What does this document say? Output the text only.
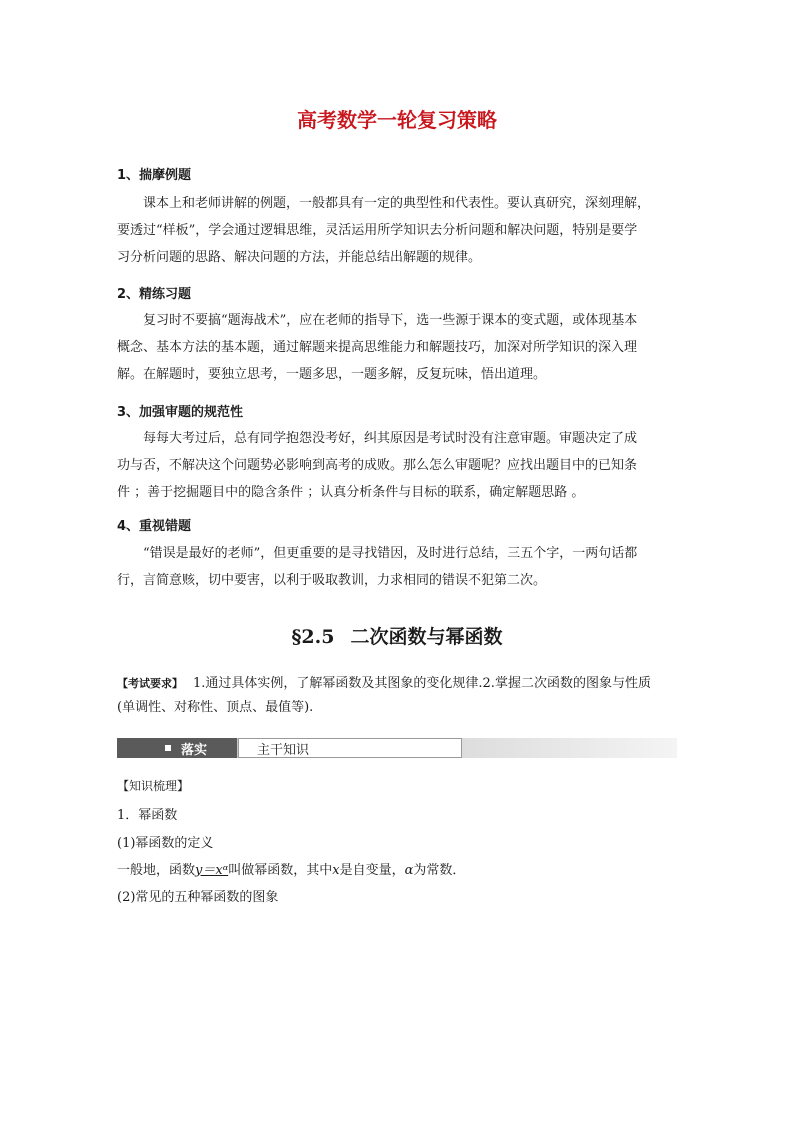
高考数学一轮复习策略
1、揣摩例题
课本上和老师讲解的例题，一般都具有一定的典型性和代表性。要认真研究，深刻理解，
要透过“样板”，学会通过逻辑思维，灵活运用所学知识去分析问题和解决问题，特别是要学
习分析问题的思路、解决问题的方法，并能总结出解题的规律。
2、精练习题
复习时不要搞“题海战术”，应在老师的指导下，选一些源于课本的变式题，或体现基本
概念、基本方法的基本题，通过解题来提高思维能力和解题技巧，加深对所学知识的深入理
解。在解题时，要独立思考，一题多思，一题多解，反复玩味，悟出道理。
3、加强审题的规范性
每每大考过后，总有同学抱怨没考好，纠其原因是考试时没有注意审题。审题决定了成
功与否，不解决这个问题势必影响到高考的成败。那么怎么审题呢？应找出题目中的已知条
件 ；善于挖掘题目中的隐含条件 ；认真分析条件与目标的联系，确定解题思路 。
4、重视错题
“错误是最好的老师”，但更重要的是寻找错因，及时进行总结，三五个字，一两句话都
行，言简意赅，切中要害，以利于吸取教训，力求相同的错误不犯第二次。
§2.5 二次函数与幂函数
【考试要求】 1.通过具体实例，了解幂函数及其图象的变化规律.2.掌握二次函数的图象与性质
(单调性、对称性、顶点、最值等).
落实	主干知识
【知识梳理】
1．幂函数
(1)幂函数的定义
一般地，函数y＝xᵅ叫做幂函数，其中x是自变量，α为常数．
(2)常见的五种幂函数的图象
